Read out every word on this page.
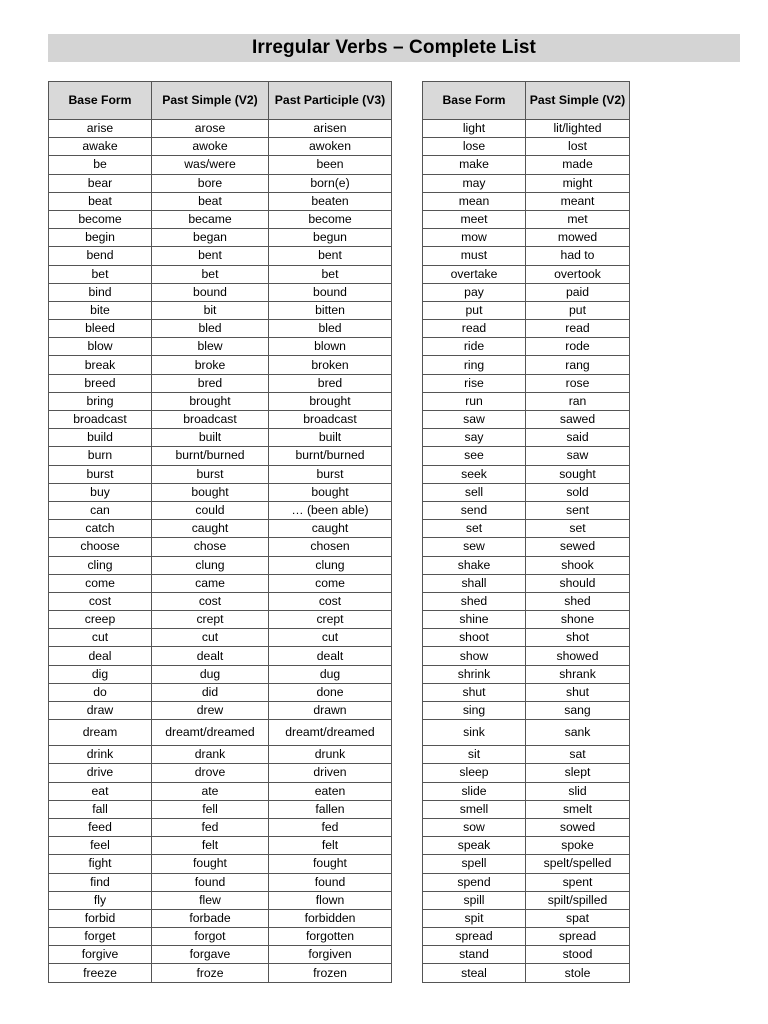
Irregular Verbs – Complete List
Base Form	Past Simple (V2)	Past Participle (V3)
arise	arose	arisen
awake	awoke	awoken
be	was/were	been
bear	bore	born(e)
beat	beat	beaten
become	became	become
begin	began	begun
bend	bent	bent
bet	bet	bet
bind	bound	bound
bite	bit	bitten
bleed	bled	bled
blow	blew	blown
break	broke	broken
breed	bred	bred
bring	brought	brought
broadcast	broadcast	broadcast
build	built	built
burn	burnt/burned	burnt/burned
burst	burst	burst
buy	bought	bought
can	could	… (been able)
catch	caught	caught
choose	chose	chosen
cling	clung	clung
come	came	come
cost	cost	cost
creep	crept	crept
cut	cut	cut
deal	dealt	dealt
dig	dug	dug
do	did	done
draw	drew	drawn
dream	dreamt/dreamed	dreamt/dreamed
drink	drank	drunk
drive	drove	driven
eat	ate	eaten
fall	fell	fallen
feed	fed	fed
feel	felt	felt
fight	fought	fought
find	found	found
fly	flew	flown
forbid	forbade	forbidden
forget	forgot	forgotten
forgive	forgave	forgiven
freeze	froze	frozen
Base Form	Past Simple (V2)
light	lit/lighted
lose	lost
make	made
may	might
mean	meant
meet	met
mow	mowed
must	had to
overtake	overtook
pay	paid
put	put
read	read
ride	rode
ring	rang
rise	rose
run	ran
saw	sawed
say	said
see	saw
seek	sought
sell	sold
send	sent
set	set
sew	sewed
shake	shook
shall	should
shed	shed
shine	shone
shoot	shot
show	showed
shrink	shrank
shut	shut
sing	sang
sink	sank
sit	sat
sleep	slept
slide	slid
smell	smelt
sow	sowed
speak	spoke
spell	spelt/spelled
spend	spent
spill	spilt/spilled
spit	spat
spread	spread
stand	stood
steal	stole
